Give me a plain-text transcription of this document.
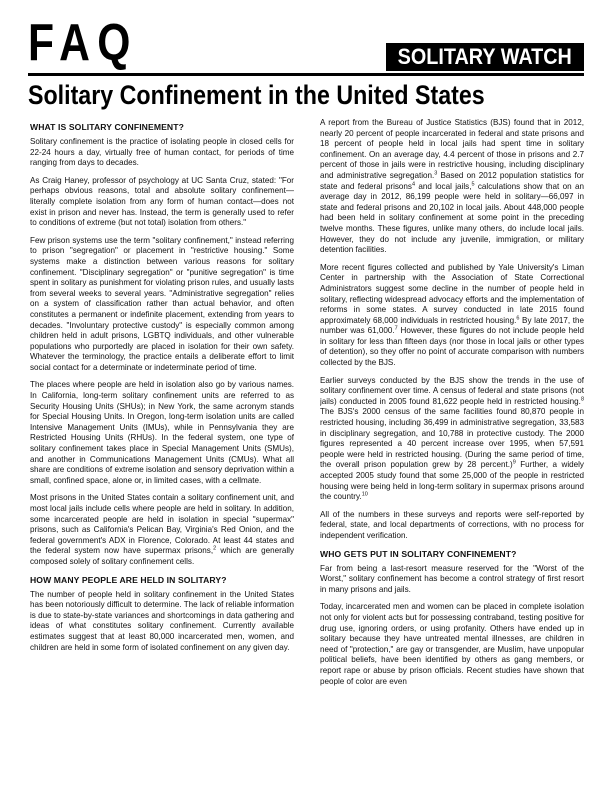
FAQ	SOLITARY WATCH
Solitary Confinement in the United States
WHAT IS SOLITARY CONFINEMENT?

Solitary confinement is the practice of isolating people in closed cells for 22-24 hours a day, virtually free of human contact, for periods of time ranging from days to decades.

As Craig Haney, professor of psychology at UC Santa Cruz, stated: "For perhaps obvious reasons, total and absolute solitary confinement—literally complete isolation from any form of human contact—does not exist in prison and never has. Instead, the term is generally used to refer to conditions of extreme (but not total) isolation from others."

Few prison systems use the term "solitary confinement," instead referring to prison "segregation" or placement in "restrictive housing." Some systems make a distinction between various reasons for solitary confinement. "Disciplinary segregation" or "punitive segregation" is time spent in solitary as punishment for violating prison rules, and usually lasts from several weeks to several years. "Administrative segregation" relies on a system of classification rather than actual behavior, and often constitutes a permanent or indefinite placement, extending from years to decades. "Involuntary protective custody" is especially common among children held in adult prisons, LGBTQ individuals, and other vulnerable populations who purportedly are placed in isolation for their own safety. Whatever the terminology, the practice entails a deliberate effort to limit social contact for a determinate or indeterminate period of time.

The places where people are held in isolation also go by various names. In California, long-term solitary confinement units are referred to as Security Housing Units (SHUs); in New York, the same acronym stands for Special Housing Units. In Oregon, long-term isolation units are called Intensive Management Units (IMUs), while in Pennsylvania they are Restricted Housing Units (RHUs). In the federal system, one type of solitary confinement takes place in Special Management Units (SMUs), and another in Communications Management Units (CMUs). What all share are conditions of extreme isolation and sensory deprivation within a small, confined space, alone or, in limited cases, with a cellmate.

Most prisons in the United States contain a solitary confinement unit, and most local jails include cells where people are held in solitary. In addition, some incarcerated people are held in isolation in special "supermax" prisons, such as California's Pelican Bay, Virginia's Red Onion, and the federal government's ADX in Florence, Colorado. At least 44 states and the federal system now have supermax prisons,$^2$ which are generally composed solely of solitary confinement cells.

HOW MANY PEOPLE ARE HELD IN SOLITARY?

The number of people held in solitary confinement in the United States has been notoriously difficult to determine. The lack of reliable information is due to state-by-state variances and shortcomings in data gathering and ideas of what constitutes solitary confinement. Currently available estimates suggest that at least 80,000 incarcerated men, women, and children are held in some form of isolated confinement on any given day.

A report from the Bureau of Justice Statistics (BJS) found that in 2012, nearly 20 percent of people incarcerated in federal and state prisons and 18 percent of people held in local jails had spent time in solitary confinement. On an average day, 4.4 percent of those in prisons and 2.7 percent of those in jails were in restrictive housing, including disciplinary and administrative segregation.$^3$ Based on 2012 population statistics for state and federal prisons$^4$ and local jails,$^5$ calculations show that on an average day in 2012, 86,199 people were held in solitary—66,097 in state and federal prisons and 20,102 in local jails. About 448,000 people had been held in solitary confinement at some point in the preceding twelve months. These figures, unlike many others, do include local jails. However, they do not include any juvenile, immigration, or military detention facilities.

More recent figures collected and published by Yale University's Liman Center in partnership with the Association of State Correctional Administrators suggest some decline in the number of people held in solitary, reflecting widespread advocacy efforts and the implementation of reforms in some states. A survey conducted in late 2015 found approximately 68,000 individuals in restricted housing.$^6$ By late 2017, the number was 61,000.$^7$ However, these figures do not include people held in solitary for less than fifteen days (nor those in local jails or other types of detention), so they offer no point of accurate comparison with numbers collected by the BJS.

Earlier surveys conducted by the BJS show the trends in the use of solitary confinement over time. A census of federal and state prisons (not jails) conducted in 2005 found 81,622 people held in restricted housing.$^8$ The BJS's 2000 census of the same facilities found 80,870 people in restricted housing, including 36,499 in administrative segregation, 33,583 in disciplinary segregation, and 10,788 in protective custody. The 2000 figures represented a 40 percent increase over 1995, when 57,591 people were held in restricted housing. (During the same period of time, the overall prison population grew by 28 percent.)$^9$ Further, a widely accepted 2005 study found that some 25,000 of the people in restricted housing were being held in long-term solitary in supermax prisons around the country.$^{10}$

All of the numbers in these surveys and reports were self-reported by federal, state, and local departments of corrections, with no process for independent verification.

WHO GETS PUT IN SOLITARY CONFINEMENT?

Far from being a last-resort measure reserved for the "Worst of the Worst," solitary confinement has become a control strategy of first resort in many prisons and jails.

Today, incarcerated men and women can be placed in complete isolation not only for violent acts but for possessing contraband, testing positive for drug use, ignoring orders, or using profanity. Others have ended up in solitary because they have untreated mental illnesses, are children in need of "protection," are gay or transgender, are Muslim, have unpopular political beliefs, have been identified by others as gang members, or report rape or abuse by prison officials. Recent studies have shown that people of color are even
